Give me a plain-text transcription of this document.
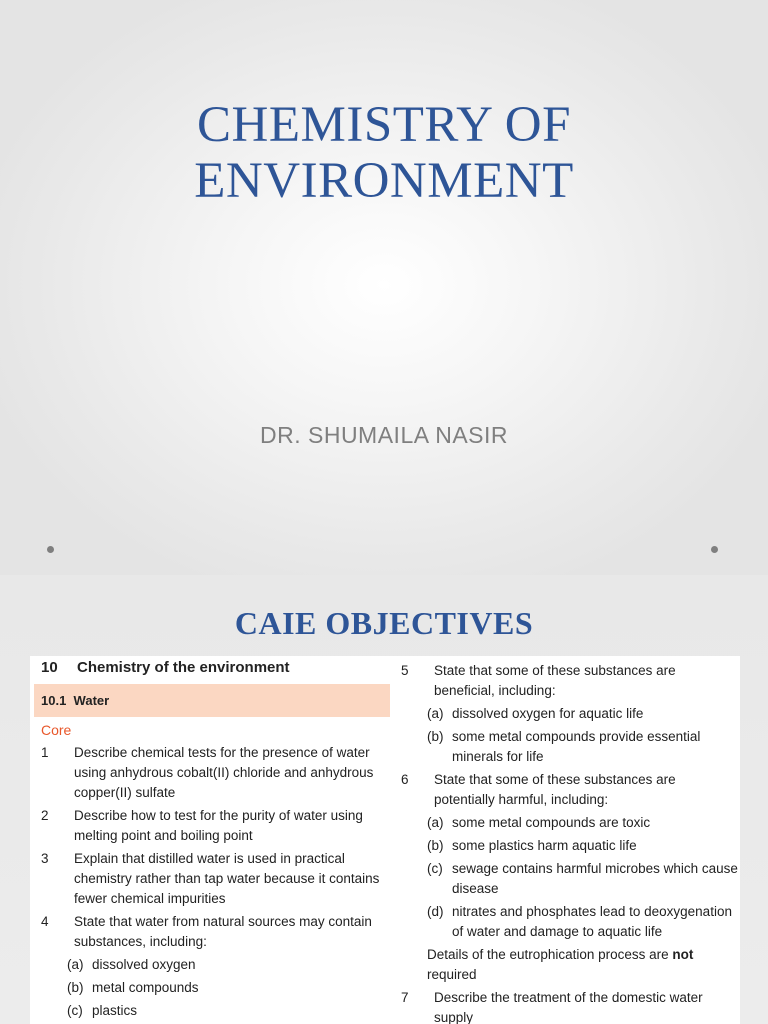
CHEMISTRY OF
ENVIRONMENT
DR. SHUMAILA NASIR
CAIE OBJECTIVES
10 Chemistry of the environment
10.1 Water
Core
1 Describe chemical tests for the presence of water using anhydrous cobalt(II) chloride and anhydrous copper(II) sulfate
2 Describe how to test for the purity of water using melting point and boiling point
3 Explain that distilled water is used in practical chemistry rather than tap water because it contains fewer chemical impurities
4 State that water from natural sources may contain substances, including:
(a) dissolved oxygen
(b) metal compounds
(c) plastics
5 State that some of these substances are beneficial, including:
(a) dissolved oxygen for aquatic life
(b) some metal compounds provide essential minerals for life
6 State that some of these substances are potentially harmful, including:
(a) some metal compounds are toxic
(b) some plastics harm aquatic life
(c) sewage contains harmful microbes which cause disease
(d) nitrates and phosphates lead to deoxygenation of water and damage to aquatic life
Details of the eutrophication process are not required
7 Describe the treatment of the domestic water supply
